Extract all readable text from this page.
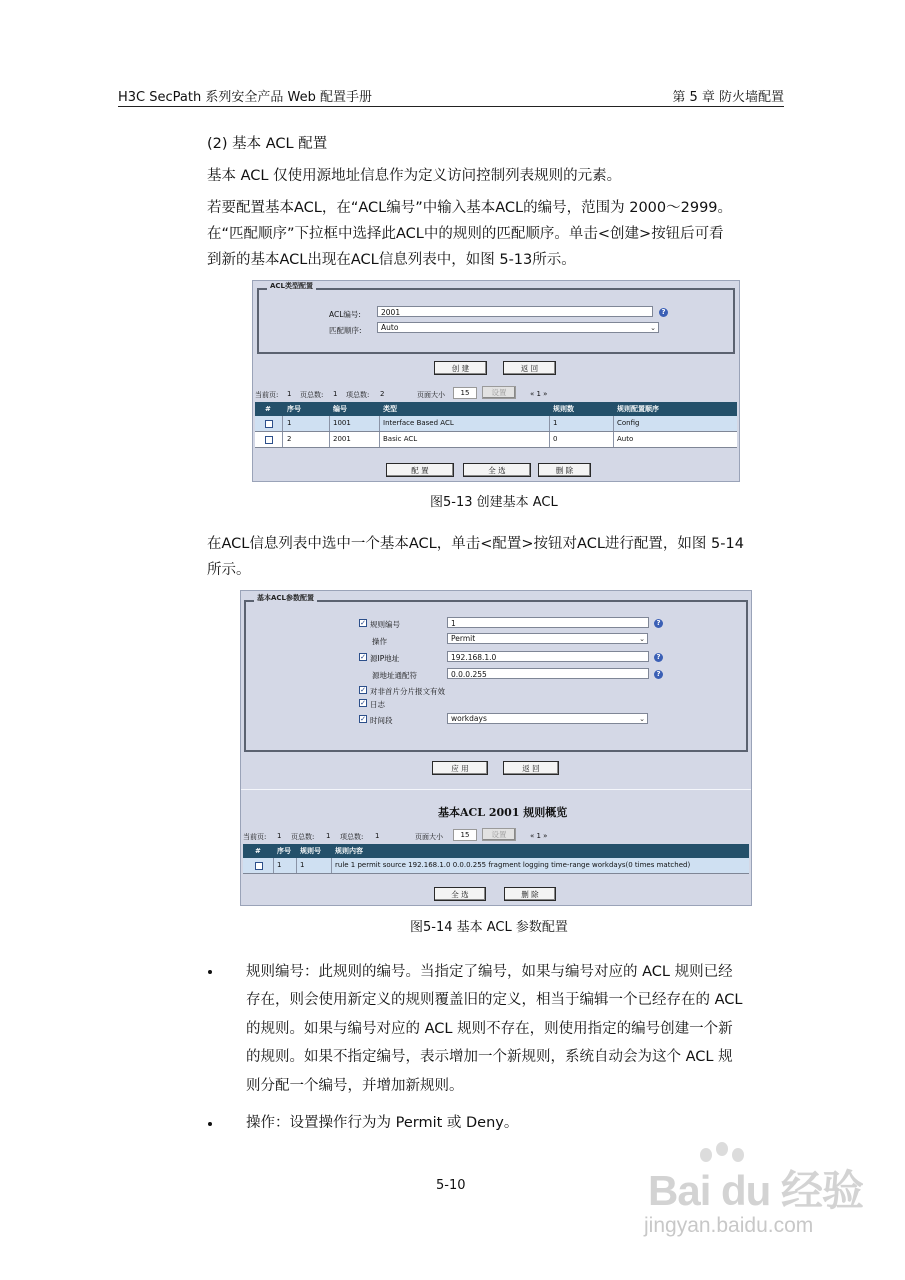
H3C SecPath 系列安全产品 Web 配置手册	第 5 章 防火墙配置
(2) 基本 ACL 配置
基本 ACL 仅使用源地址信息作为定义访问控制列表规则的元素。
若要配置基本ACL，在“ACL编号”中输入基本ACL的编号，范围为 2000～2999。
在“匹配顺序”下拉框中选择此ACL中的规则的匹配顺序。单击<创建>按钮后可看
到新的基本ACL出现在ACL信息列表中，如图 5-13所示。
ACL类型配置
ACL编号:	2001	?
匹配顺序:	Auto	⌄
创 建	返 回
当前页: 1 页总数: 1 项总数: 2	页面大小	15	设置	« 1 »
# 序号	编号	类型	规则数	规则配置顺序
1	1001	Interface Based ACL	1	Config
2	2001	Basic ACL	0	Auto
配 置	全 选	删 除
图5-13 创建基本 ACL
在ACL信息列表中选中一个基本ACL，单击<配置>按钮对ACL进行配置，如图 5-14
所示。
基本ACL参数配置
✓ 规则编号	1	?
操作	Permit	⌄
✓ 源IP地址	192.168.1.0	?
源地址通配符	0.0.0.255	?
✓ 对非首片分片报文有效
✓ 日志
✓ 时间段	workdays	⌄
应 用	返 回
基本ACL 2001 规则概览
当前页: 1 页总数: 1 项总数: 1	页面大小	15	设置	« 1 »
# 序号 规则号 规则内容
1	1	rule 1 permit source 192.168.1.0 0.0.0.255 fragment logging time-range workdays(0 times matched)
全 选	删 除
图5-14 基本 ACL 参数配置
规则编号：此规则的编号。当指定了编号，如果与编号对应的 ACL 规则已经
存在，则会使用新定义的规则覆盖旧的定义，相当于编辑一个已经存在的 ACL
的规则。如果与编号对应的 ACL 规则不存在，则使用指定的编号创建一个新
的规则。如果不指定编号，表示增加一个新规则，系统自动会为这个 ACL 规
则分配一个编号，并增加新规则。
操作：设置操作行为为 Permit 或 Deny。
5-10	Bai du 经验
jingyan.baidu.com
